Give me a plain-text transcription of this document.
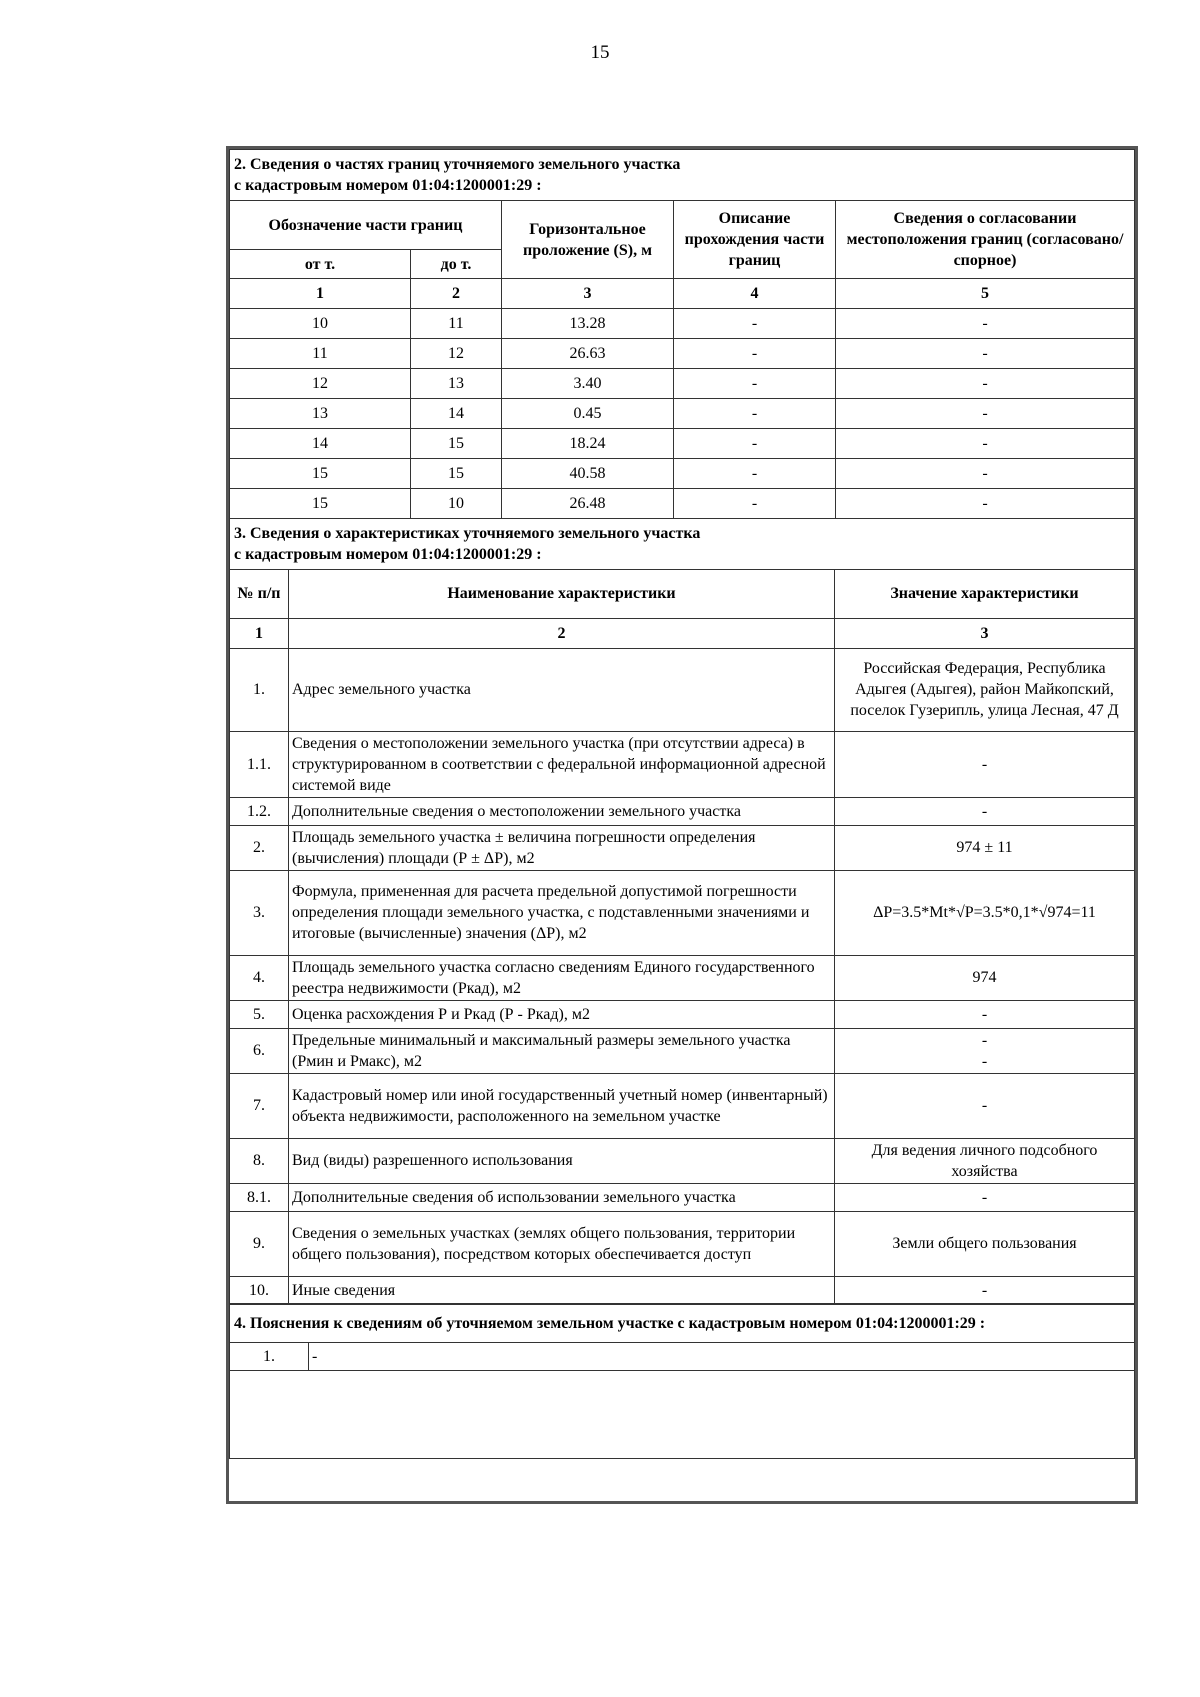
15
2. Сведения о частях границ уточняемого земельного участка
с кадастровым номером 01:04:1200001:29 :				

Обозначение части границ		Горизонтальное проложение (S), м	Описание прохождения части границ	Сведения о согласовании местоположения границ (согласовано/спорное)
от т.	до т.			
1	2	3	4	5
10	11	13.28	-	-
11	12	26.63	-	-
12	13	3.40	-	-
13	14	0.45	-	-
14	15	18.24	-	-
15	15	40.58	-	-
15	10	26.48	-	-
3. Сведения о характеристиках уточняемого земельного участка
с кадастровым номером 01:04:1200001:29 :		

№ п/п	Наименование характеристики	Значение характеристики
1	2	3
1.	Адрес земельного участка	Российская Федерация, Республика Адыгея (Адыгея), район Майкопский, поселок Гузерипль, улица Лесная, 47 Д
1.1.	Сведения о местоположении земельного участка (при отсутствии адреса) в структурированном в соответствии с федеральной информационной адресной системой виде	-
1.2.	Дополнительные сведения о местоположении земельного участка	-
2.	Площадь земельного участка ± величина погрешности определения (вычисления) площади (Р ± ΔР), м2	974 ± 11
3.	Формула, примененная для расчета предельной допустимой погрешности определения площади земельного участка, с подставленными значениями и итоговые (вычисленные) значения (ΔР), м2	ΔР=3.5*Mt*√P=3.5*0,1*√974=11
4.	Площадь земельного участка согласно сведениям Единого государственного реестра недвижимости (Ркад), м2	974
5.	Оценка расхождения Р и Ркад (Р - Ркад), м2	-
6.	Предельные минимальный и максимальный размеры земельного участка (Рмин и Рмакс), м2	-
-
7.	Кадастровый номер или иной государственный учетный номер (инвентарный) объекта недвижимости, расположенного на земельном участке	-
8.	Вид (виды) разрешенного использования	Для ведения личного подсобного хозяйства
8.1.	Дополнительные сведения об использовании земельного участка	-
9.	Сведения о земельных участках (землях общего пользования, территории общего пользования), посредством которых обеспечивается доступ	Земли общего пользования
10.	Иные сведения	-
4. Пояснения к сведениям об уточняемом земельном участке с кадастровым номером 01:04:1200001:29 :
1.	-
